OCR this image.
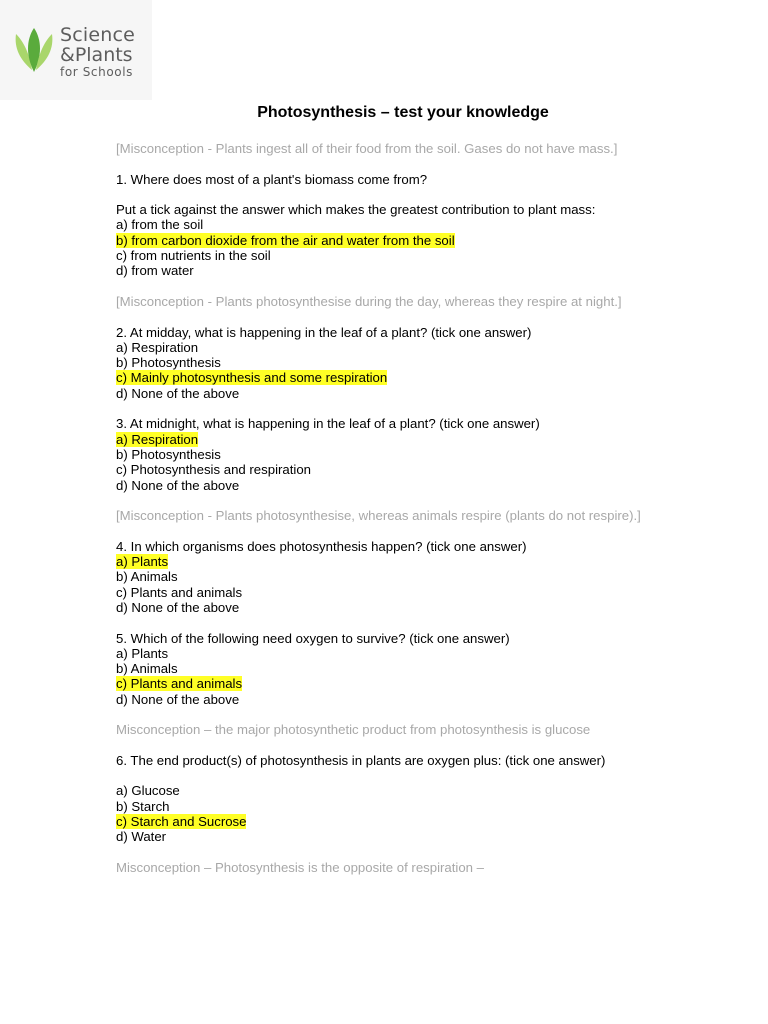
Science
&Plants
for Schools
Photosynthesis – test your knowledge

[Misconception - Plants ingest all of their food from the soil. Gases do not have mass.]

1. Where does most of a plant's biomass come from?

Put a tick against the answer which makes the greatest contribution to plant mass:

a) from the soil

b) from carbon dioxide from the air and water from the soil

c) from nutrients in the soil

d) from water

[Misconception - Plants photosynthesise during the day, whereas they respire at night.]

2. At midday, what is happening in the leaf of a plant? (tick one answer)

a) Respiration

b) Photosynthesis

c) Mainly photosynthesis and some respiration

d) None of the above

3. At midnight, what is happening in the leaf of a plant? (tick one answer)

a) Respiration

b) Photosynthesis

c) Photosynthesis and respiration

d) None of the above

[Misconception - Plants photosynthesise, whereas animals respire (plants do not respire).]

4. In which organisms does photosynthesis happen? (tick one answer)

a) Plants

b) Animals

c) Plants and animals

d) None of the above

5. Which of the following need oxygen to survive? (tick one answer)

a) Plants

b) Animals

c) Plants and animals

d) None of the above

Misconception – the major photosynthetic product from photosynthesis is glucose

6. The end product(s) of photosynthesis in plants are oxygen plus: (tick one answer)

a) Glucose

b) Starch

c) Starch and Sucrose

d) Water

Misconception – Photosynthesis is the opposite of respiration –
